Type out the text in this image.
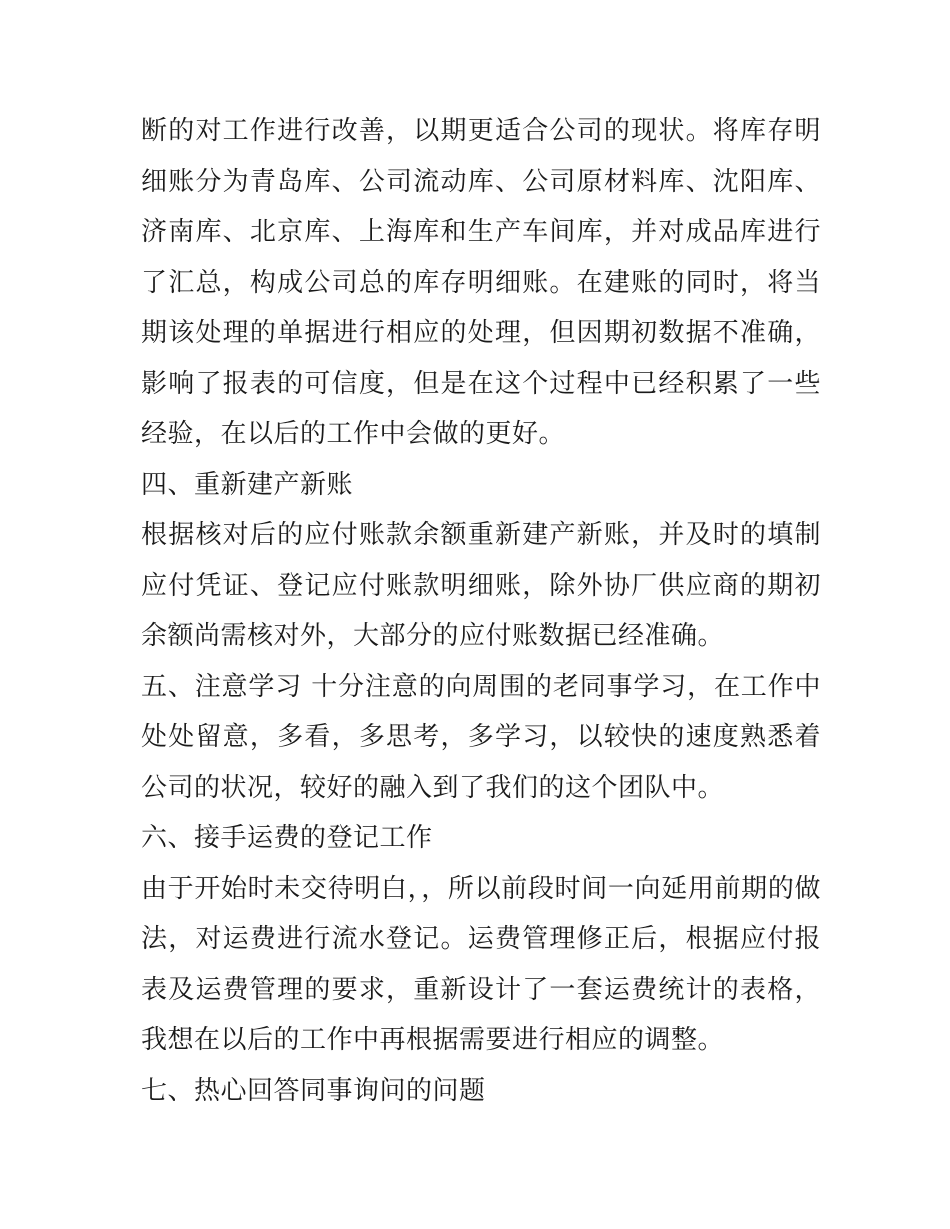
断的对工作进行改善，以期更适合公司的现状。将库存明细账分为青岛库、公司流动库、公司原材料库、沈阳库、济南库、北京库、上海库和生产车间库，并对成品库进行了汇总，构成公司总的库存明细账。在建账的同时，将当期该处理的单据进行相应的处理，但因期初数据不准确，影响了报表的可信度，但是在这个过程中已经积累了一些经验，在以后的工作中会做的更好。

四、重新建产新账

根据核对后的应付账款余额重新建产新账，并及时的填制应付凭证、登记应付账款明细账，除外协厂供应商的期初余额尚需核对外，大部分的应付账数据已经准确。

五、注意学习 十分注意的向周围的老同事学习，在工作中处处留意，多看，多思考，多学习，以较快的速度熟悉着公司的状况，较好的融入到了我们的这个团队中。

六、接手运费的登记工作

由于开始时未交待明白，，所以前段时间一向延用前期的做法，对运费进行流水登记。运费管理修正后，根据应付报表及运费管理的要求，重新设计了一套运费统计的表格，我想在以后的工作中再根据需要进行相应的调整。

七、热心回答同事询问的问题
